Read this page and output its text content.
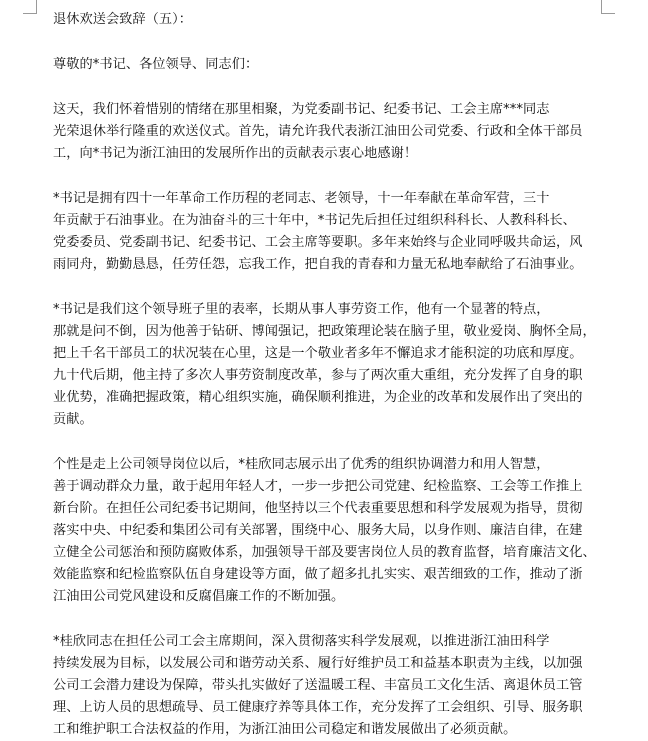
退休欢送会致辞（五）：
尊敬的*书记、各位领导、同志们：
这天，我们怀着惜别的情绪在那里相聚，为党委副书记、纪委书记、工会主席***同志
光荣退休举行隆重的欢送仪式。首先，请允许我代表浙江油田公司党委、行政和全体干部员
工，向*书记为浙江油田的发展所作出的贡献表示衷心地感谢！
*书记是拥有四十一年革命工作历程的老同志、老领导，十一年奉献在革命军营，三十
年贡献于石油事业。在为油奋斗的三十年中，*书记先后担任过组织科科长、人教科科长、
党委委员、党委副书记、纪委书记、工会主席等要职。多年来始终与企业同呼吸共命运，风
雨同舟，勤勤恳恳，任劳任怨，忘我工作，把自我的青春和力量无私地奉献给了石油事业。
*书记是我们这个领导班子里的表率，长期从事人事劳资工作，他有一个显著的特点，
那就是问不倒，因为他善于钻研、博闻强记，把政策理论装在脑子里，敬业爱岗、胸怀全局，
把上千名干部员工的状况装在心里，这是一个敬业者多年不懈追求才能积淀的功底和厚度。
九十代后期，他主持了多次人事劳资制度改革，参与了两次重大重组，充分发挥了自身的职
业优势，准确把握政策，精心组织实施，确保顺利推进，为企业的改革和发展作出了突出的
贡献。
个性是走上公司领导岗位以后，*桂欣同志展示出了优秀的组织协调潜力和用人智慧，
善于调动群众力量，敢于起用年轻人才，一步一步把公司党建、纪检监察、工会等工作推上
新台阶。在担任公司纪委书记期间，他坚持以三个代表重要思想和科学发展观为指导，贯彻
落实中央、中纪委和集团公司有关部署，围绕中心、服务大局，以身作则、廉洁自律，在建
立健全公司惩治和预防腐败体系，加强领导干部及要害岗位人员的教育监督，培育廉洁文化、
效能监察和纪检监察队伍自身建设等方面，做了超多扎扎实实、艰苦细致的工作，推动了浙
江油田公司党风建设和反腐倡廉工作的不断加强。
*桂欣同志在担任公司工会主席期间，深入贯彻落实科学发展观，以推进浙江油田科学
持续发展为目标，以发展公司和谐劳动关系、履行好维护员工和益基本职责为主线，以加强
公司工会潜力建设为保障，带头扎实做好了送温暖工程、丰富员工文化生活、离退休员工管
理、上访人员的思想疏导、员工健康疗养等具体工作，充分发挥了工会组织、引导、服务职
工和维护职工合法权益的作用，为浙江油田公司稳定和谐发展做出了必须贡献。
